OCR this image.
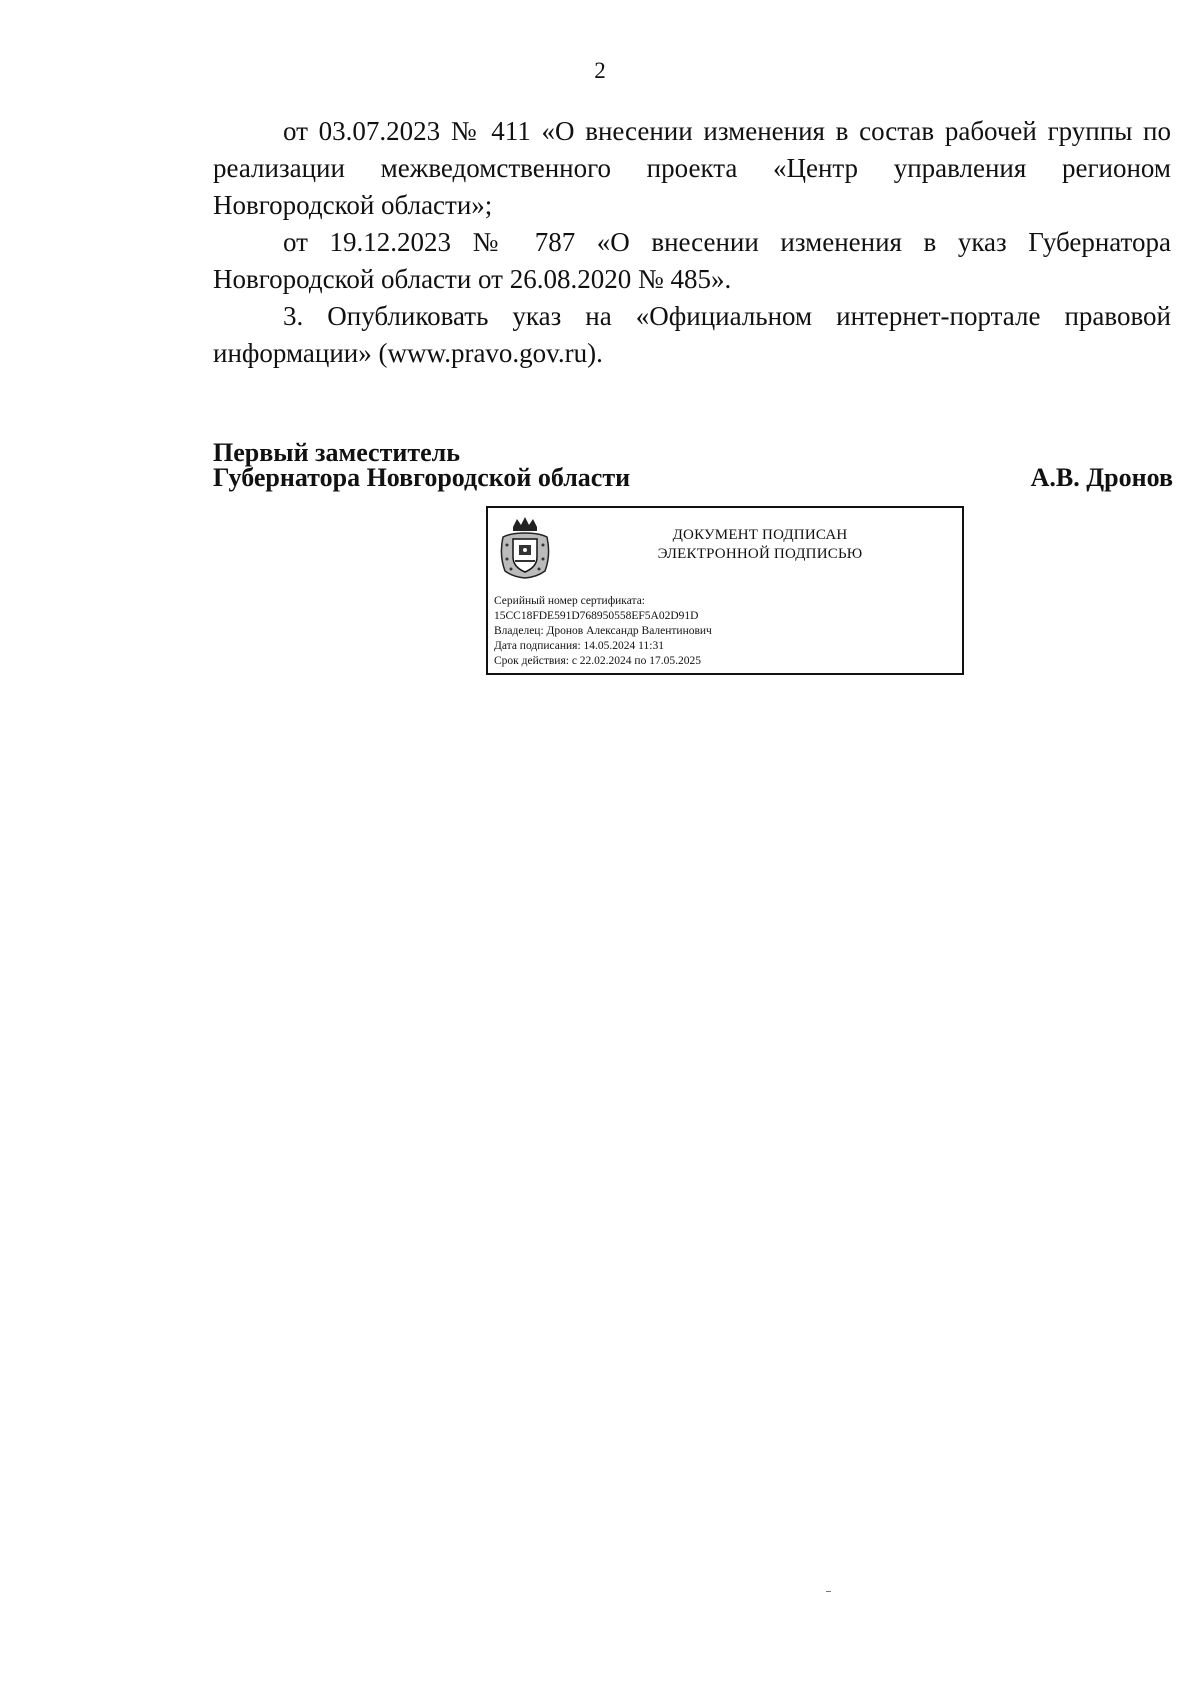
2

от 03.07.2023 № 411 «О внесении изменения в состав рабочей группы по реализации межведомственного проекта «Центр управления регионом Новгородской области»;

от 19.12.2023 № 787 «О внесении изменения в указ Губернатора Новгородской области от 26.08.2020 № 485».

3. Опубликовать указ на «Официальном интернет-портале правовой информации» (www.pravo.gov.ru).

Первый заместитель
Губернатора Новгородской области	А.В. Дронов
ДОКУМЕНТ ПОДПИСАН
ЭЛЕКТРОННОЙ ПОДПИСЬЮ
Серийный номер сертификата:
15CC18FDE591D768950558EF5A02D91D
Владелец: Дронов Александр Валентинович
Дата подписания: 14.05.2024 11:31
Срок действия: с 22.02.2024 по 17.05.2025
